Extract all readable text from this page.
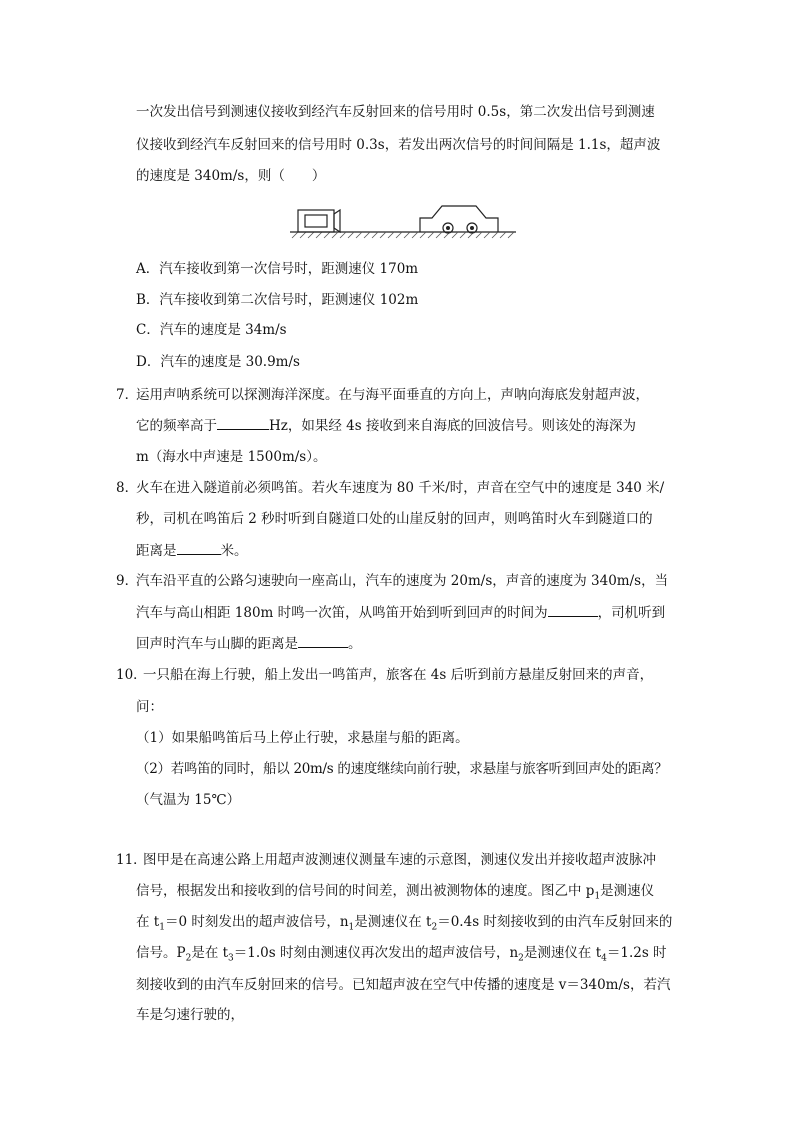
一次发出信号到测速仪接收到经汽车反射回来的信号用时 0.5s，第二次发出信号到测速
仪接收到经汽车反射回来的信号用时 0.3s，若发出两次信号的时间间隔是 1.1s，超声波
的速度是 340m/s，则（　　）
A．汽车接收到第一次信号时，距测速仪 170m
B．汽车接收到第二次信号时，距测速仪 102m
C．汽车的速度是 34m/s
D．汽车的速度是 30.9m/s
7．
运用声呐系统可以探测海洋深度。在与海平面垂直的方向上，声呐向海底发射超声波，
它的频率高于	Hz，如果经 4s 接收到来自海底的回波信号。则该处的海深为
m（海水中声速是 1500m/s）。
8．
火车在进入隧道前必须鸣笛。若火车速度为 80 千米/时，声音在空气中的速度是 340 米/
秒，司机在鸣笛后 2 秒时听到自隧道口处的山崖反射的回声，则鸣笛时火车到隧道口的
距离是	米。
9．
汽车沿平直的公路匀速驶向一座高山，汽车的速度为 20m/s，声音的速度为 340m/s，当
汽车与高山相距 180m 时鸣一次笛，从鸣笛开始到听到回声的时间为	，司机听到
回声时汽车与山脚的距离是	。
10．
一只船在海上行驶，船上发出一鸣笛声，旅客在 4s 后听到前方悬崖反射回来的声音，
问：
（1）如果船鸣笛后马上停止行驶，求悬崖与船的距离。
（2）若鸣笛的同时，船以 20m/s 的速度继续向前行驶，求悬崖与旅客听到回声处的距离？
（气温为 15℃）
11．
图甲是在高速公路上用超声波测速仪测量车速的示意图，测速仪发出并接收超声波脉冲
信号，根据发出和接收到的信号间的时间差，测出被测物体的速度。图乙中 $p_1$是测速仪
在 $t_1=0$ 时刻发出的超声波信号，$n_1$是测速仪在 $t_2=0.4s$ 时刻接收到的由汽车反射回来的
信号。$P_2$是在 $t_3=1.0s$ 时刻由测速仪再次发出的超声波信号，$n_2$是测速仪在 $t_4=1.2s$ 时
刻接收到的由汽车反射回来的信号。已知超声波在空气中传播的速度是 v＝340m/s，若汽
车是匀速行驶的，
